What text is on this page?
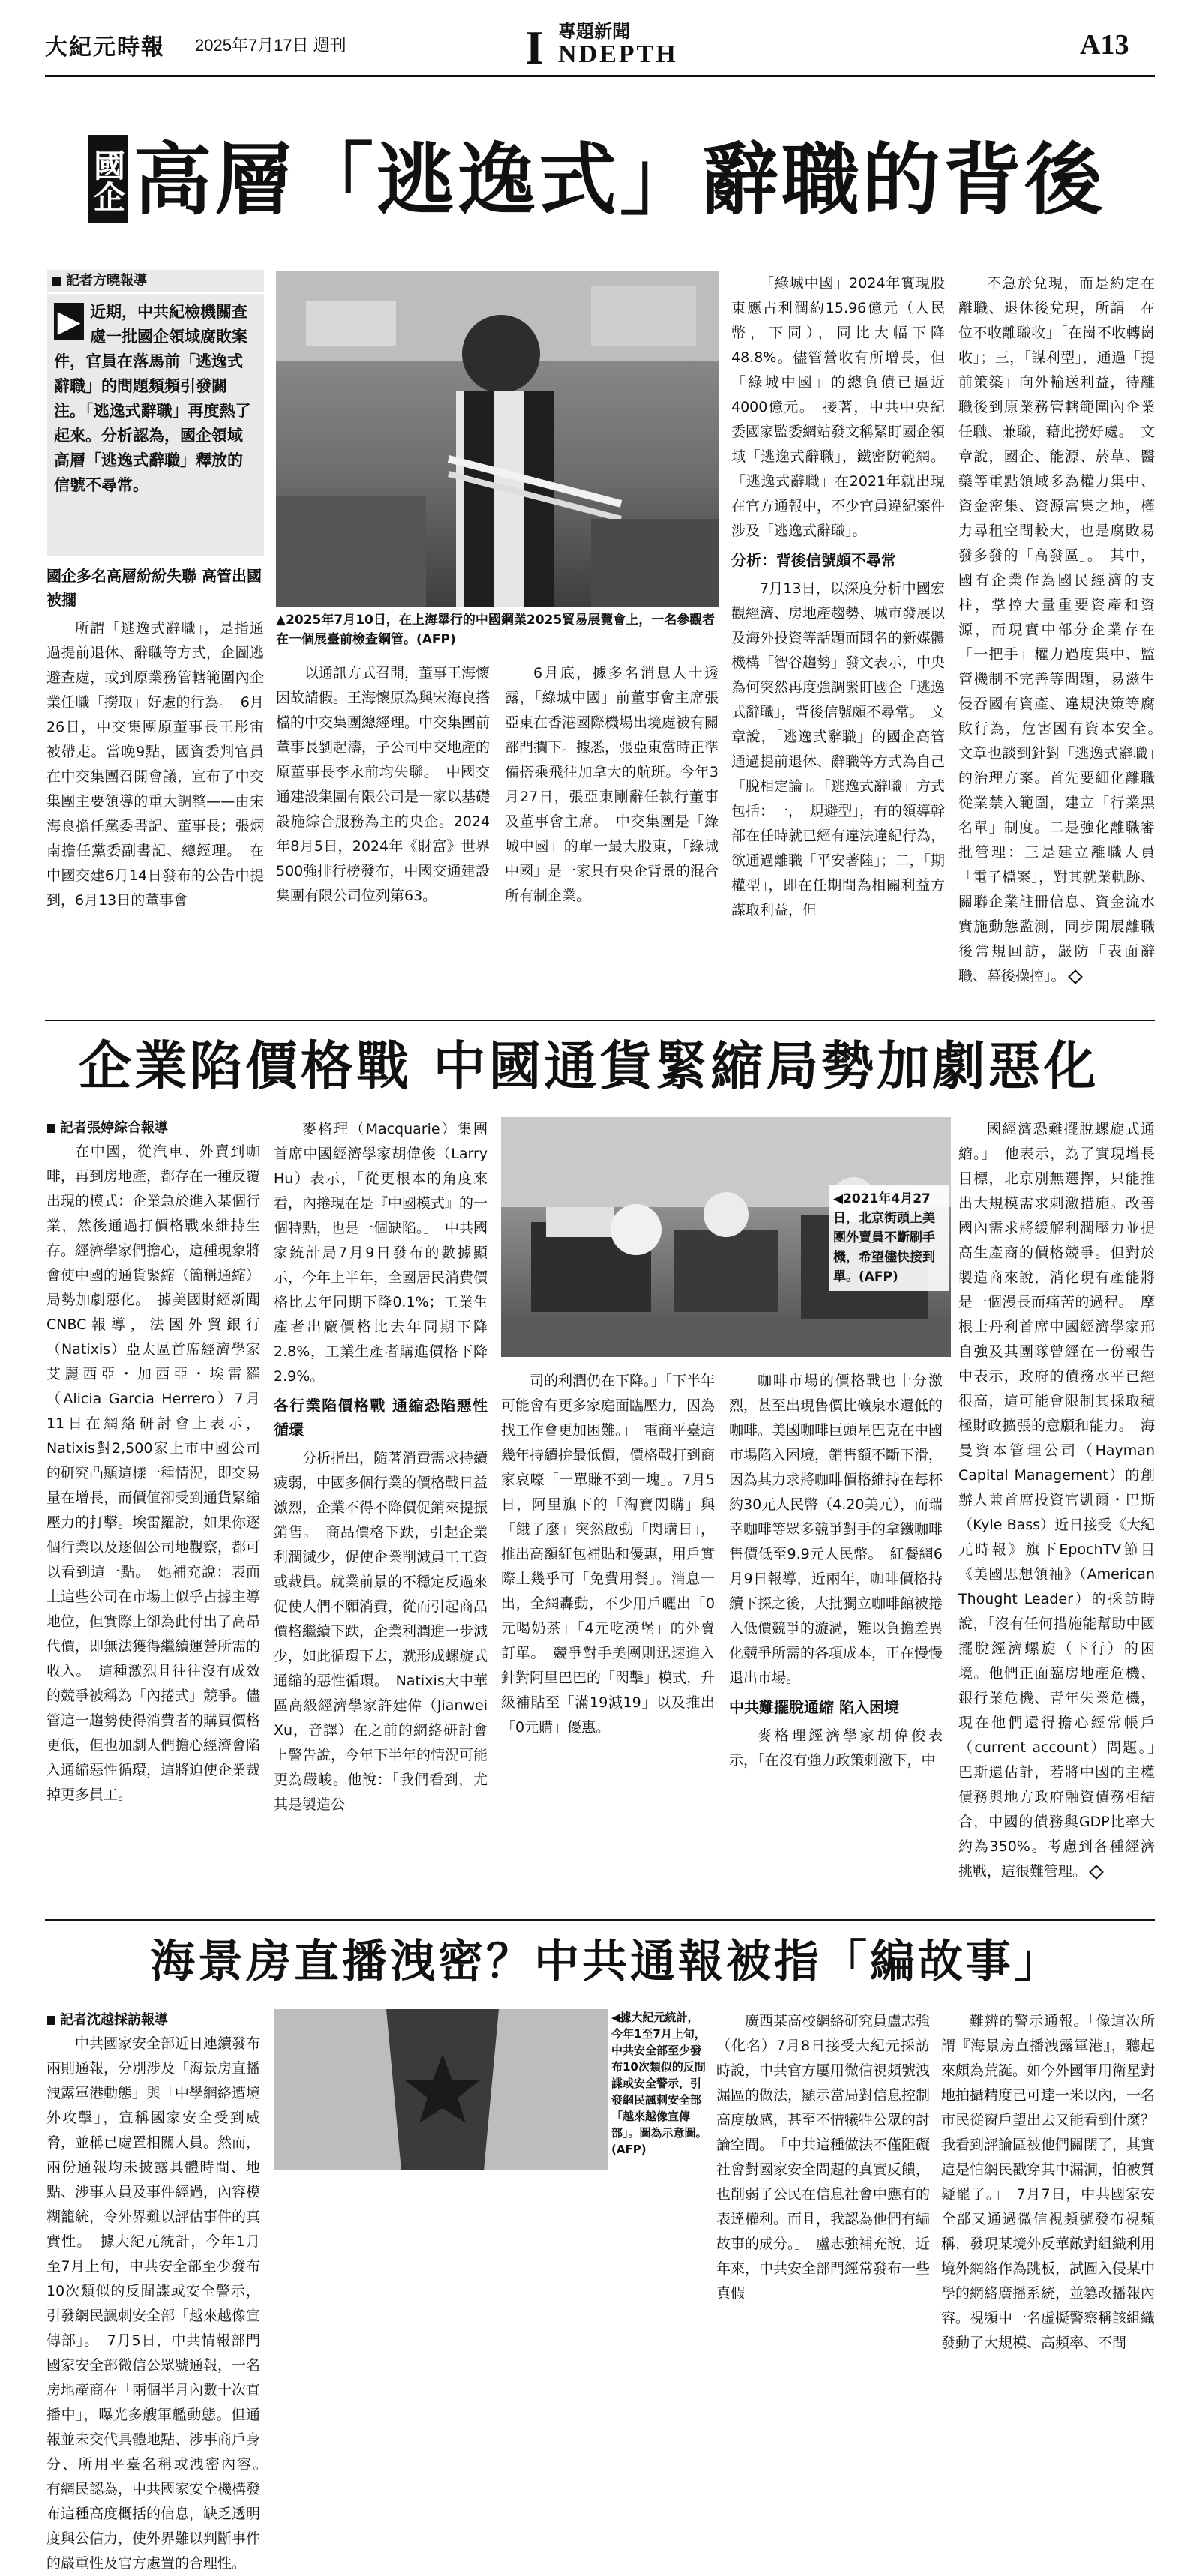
大紀元時報 2025年7月17日 週刊	I 專題新聞
NDEPTH	A13
國企 高層「逃逸式」辭職的背後
記者方曉報導
▶ 近期，中共紀檢機關查處一批國企領域腐敗案件，官員在落馬前「逃逸式辭職」的問題頻頻引發關注。「逃逸式辭職」再度熱了起來。分析認為，國企領域高層「逃逸式辭職」釋放的信號不尋常。
國企多名高層紛紛失聯 高管出國被擱

所謂「逃逸式辭職」，是指通過提前退休、辭職等方式，企圖逃避查處，或到原業務管轄範圍內企業任職「撈取」好處的行為。　6月26日，中交集團原董事長王彤宙被帶走。當晚9點，國資委判官員在中交集團召開會議，宣布了中交集團主要領導的重大調整——由宋海良擔任黨委書記、董事長；張炳南擔任黨委副書記、總經理。　在中國交建6月14日發布的公告中提到，6月13日的董事會

▲2025年7月10日，在上海舉行的中國鋼業2025貿易展覽會上，一名參觀者在一個展臺前檢查鋼管。(AFP)

以通訊方式召開，董事王海懷因故請假。王海懷原為與宋海良搭檔的中交集團總經理。中交集團前董事長劉起濤，子公司中交地產的原董事長李永前均失聯。　中國交通建設集團有限公司是一家以基礎設施綜合服務為主的央企。2024年8月5日，2024年《財富》世界500強排行榜發布，中國交通建設集團有限公司位列第63。

6月底，據多名消息人士透露，「綠城中國」前董事會主席張亞東在香港國際機場出境處被有關部門攔下。據悉，張亞東當時正準備搭乘飛往加拿大的航班。今年3月27日，張亞東剛辭任執行董事及董事會主席。　中交集團是「綠城中國」的單一最大股東，「綠城中國」是一家具有央企背景的混合所有制企業。

「綠城中國」2024年實現股東應占利潤約15.96億元（人民幣，下同），同比大幅下降48.8%。儘管營收有所增長，但「綠城中國」的總負債已逼近4000億元。　接著，中共中央紀委國家監委網站發文稱緊盯國企領域「逃逸式辭職」，鐵密防範網。「逃逸式辭職」在2021年就出現在官方通報中，不少官員違紀案件涉及「逃逸式辭職」。

分析：背後信號頗不尋常

7月13日，以深度分析中國宏觀經濟、房地產趨勢、城市發展以及海外投資等話題而聞名的新媒體機構「智谷趨勢」發文表示，中央為何突然再度強調緊盯國企「逃逸式辭職」，背後信號頗不尋常。　文章說，「逃逸式辭職」的國企高管通過提前退休、辭職等方式為自己「脫相定論」。「逃逸式辭職」方式包括：一，「規避型」，有的領導幹部在任時就已經有違法違紀行為，欲通過離職「平安著陸」；二，「期權型」，即在任期間為相關利益方謀取利益，但

不急於兌現，而是約定在離職、退休後兌現，所謂「在位不收離職收」「在崗不收轉崗收」；三，「謀利型」，通過「提前策築」向外輸送利益，待離職後到原業務管轄範圍內企業任職、兼職，藉此撈好處。　文章說，國企、能源、菸草、醫藥等重點領域多為權力集中、資金密集、資源富集之地，權力尋租空間較大，也是腐敗易發多發的「高發區」。　其中，國有企業作為國民經濟的支柱，掌控大量重要資產和資源，而現實中部分企業存在「一把手」權力過度集中、監管機制不完善等問題，易滋生侵吞國有資產、違規決策等腐敗行為，危害國有資本安全。　文章也談到針對「逃逸式辭職」的治理方案。首先要細化離職從業禁入範圍，建立「行業黑名單」制度。二是強化離職審批管理：三是建立離職人員「電子檔案」，對其就業軌跡、關聯企業註冊信息、資金流水實施動態監測，同步開展離職後常規回訪，嚴防「表面辭職、幕後操控」。

企業陷價格戰 中國通貨緊縮局勢加劇惡化
記者張婷綜合報導

在中國，從汽車、外賣到咖啡，再到房地產，都存在一種反覆出現的模式：企業急於進入某個行業，然後通過打價格戰來維持生存。經濟學家們擔心，這種現象將會使中國的通貨緊縮（簡稱通縮）局勢加劇惡化。　據美國財經新聞CNBC報導，法國外貿銀行（Natixis）亞太區首席經濟學家艾麗西亞・加西亞・埃雷羅（Alicia Garcia Herrero）7月11日在網絡研討會上表示，Natixis對2,500家上市中國公司的研究凸顯這樣一種情況，即交易量在增長，而價值卻受到通貨緊縮壓力的打擊。埃雷羅說，如果你逐個行業以及逐個公司地觀察，都可以看到這一點。　她補充說：表面上這些公司在市場上似乎占據主導地位，但實際上卻為此付出了高昂代價，即無法獲得繼續運營所需的收入。　這種激烈且往往沒有成效的競爭被稱為「內捲式」競爭。儘管這一趨勢使得消費者的購買價格更低，但也加劇人們擔心經濟會陷入通縮惡性循環，這將迫使企業裁掉更多員工。

麥格理（Macquarie）集團首席中國經濟學家胡偉俊（Larry Hu）表示，「從更根本的角度來看，內捲現在是『中國模式』的一個特點，也是一個缺陷。」　中共國家統計局7月9日發布的數據顯示，今年上半年，全國居民消費價格比去年同期下降0.1%；工業生產者出廠價格比去年同期下降2.8%，工業生產者購進價格下降2.9%。

各行業陷價格戰 通縮恐陷惡性循環

分析指出，隨著消費需求持續疲弱，中國多個行業的價格戰日益激烈，企業不得不降價促銷來提振銷售。　商品價格下跌，引起企業利潤減少，促使企業削減員工工資或裁員。就業前景的不穩定反過來促使人們不願消費，從而引起商品價格繼續下跌，企業利潤進一步減少，如此循環下去，就形成螺旋式通縮的惡性循環。　Natixis大中華區高級經濟學家許建偉（Jianwei Xu，音譯）在之前的網絡研討會上警告說，今年下半年的情況可能更為嚴峻。他說：「我們看到，尤其是製造公

◀2021年4月27日，北京街頭上美團外賣員不斷刷手機，希望儘快接到單。(AFP)

司的利潤仍在下降。」「下半年可能會有更多家庭面臨壓力，因為找工作會更加困難。」　電商平臺這幾年持續拚最低價，價格戰打到商家哀嚎「一單賺不到一塊」。7月5日，阿里旗下的「淘寶閃購」與「餓了麼」突然啟動「閃購日」，推出高額紅包補貼和優惠，用戶實際上幾乎可「免費用餐」。消息一出，全網轟動，不少用戶曬出「0元喝奶茶」「4元吃漢堡」的外賣訂單。　競爭對手美團則迅速進入針對阿里巴巴的「閃擊」模式，升級補貼至「滿19減19」以及推出「0元購」優惠。

咖啡市場的價格戰也十分激烈，甚至出現售價比礦泉水還低的咖啡。美國咖啡巨頭星巴克在中國市場陷入困境，銷售額不斷下滑，因為其力求將咖啡價格維持在每杯約30元人民幣（4.20美元），而瑞幸咖啡等眾多競爭對手的拿鐵咖啡售價低至9.9元人民幣。　紅餐網6月9日報導，近兩年，咖啡價格持續下探之後，大批獨立咖啡館被捲入低價競爭的漩渦，難以負擔差異化競爭所需的各項成本，正在慢慢退出市場。

中共難擺脫通縮 陷入困境

麥格理經濟學家胡偉俊表示，「在沒有強力政策刺激下，中

國經濟恐難擺脫螺旋式通縮。」　他表示，為了實現增長目標，北京別無選擇，只能推出大規模需求刺激措施。改善國內需求將緩解利潤壓力並提高生產商的價格競爭。但對於製造商來說，消化現有產能將是一個漫長而痛苦的過程。　摩根士丹利首席中國經濟學家邢自強及其團隊曾經在一份報告中表示，政府的債務水平已經很高，這可能會限制其採取積極財政擴張的意願和能力。　海曼資本管理公司（Hayman Capital Management）的創辦人兼首席投資官凱爾・巴斯（Kyle Bass）近日接受《大紀元時報》旗下EpochTV節目《美國思想領袖》（American Thought Leader）的採訪時說，「沒有任何措施能幫助中國擺脫經濟螺旋（下行）的困境。他們正面臨房地產危機、銀行業危機、青年失業危機，現在他們還得擔心經常帳戶（current account）問題。」　巴斯還估計，若將中國的主權債務與地方政府融資債務相結合，中國的債務與GDP比率大約為350%。考慮到各種經濟挑戰，這很難管理。

海景房直播洩密？中共通報被指「編故事」
記者沈越採訪報導

中共國家安全部近日連續發布兩則通報，分別涉及「海景房直播洩露軍港動態」與「中學網絡遭境外攻擊」，宣稱國家安全受到威脅，並稱已處置相關人員。然而，兩份通報均未披露具體時間、地點、涉事人員及事件經過，內容模糊籠統，令外界難以評估事件的真實性。　據大紀元統計，今年1月至7月上旬，中共安全部至少發布10次類似的反間諜或安全警示，引發網民諷刺安全部「越來越像宣傳部」。　7月5日，中共情報部門國家安全部微信公眾號通報，一名房地產商在「兩個半月內數十次直播中」，曝光多艘軍艦動態。但通報並未交代具體地點、涉事商戶身分、所用平臺名稱或洩密內容。　有網民認為，中共國家安全機構發布這種高度概括的信息，缺乏透明度與公信力，使外界難以判斷事件的嚴重性及官方處置的合理性。

◀據大紀元統計，今年1至7月上旬，中共安全部至少發布10次類似的反間諜或安全警示，引發網民諷刺安全部「越來越像宣傳部」。圖為示意圖。(AFP)

廣西某高校網絡研究員盧志強（化名）7月8日接受大紀元採訪時說，中共官方屢用微信視頻號洩漏區的做法，顯示當局對信息控制高度敏感，甚至不惜犧牲公眾的討論空間。　「中共這種做法不僅阻礙社會對國家安全問題的真實反饋，也削弱了公民在信息社會中應有的表達權利。而且，我認為他們有編故事的成分。」　盧志強補充說，近年來，中共安全部門經常發布一些真假

難辨的警示通報。「像這次所謂『海景房直播洩露軍港』，聽起來頗為荒誕。如今外國軍用衛星對地拍攝精度已可達一米以內，一名市民從窗戶望出去又能看到什麼？我看到評論區被他們關閉了，其實這是怕網民戳穿其中漏洞，怕被質疑罷了。」　7月7日，中共國家安全部又通過微信視頻號發布視頻稱，發現某境外反華敵對組織利用境外網絡作為跳板，試圖入侵某中學的網絡廣播系統，並篡改播報內容。視頻中一名虛擬警察稱該組織發動了大規模、高頻率、不間
